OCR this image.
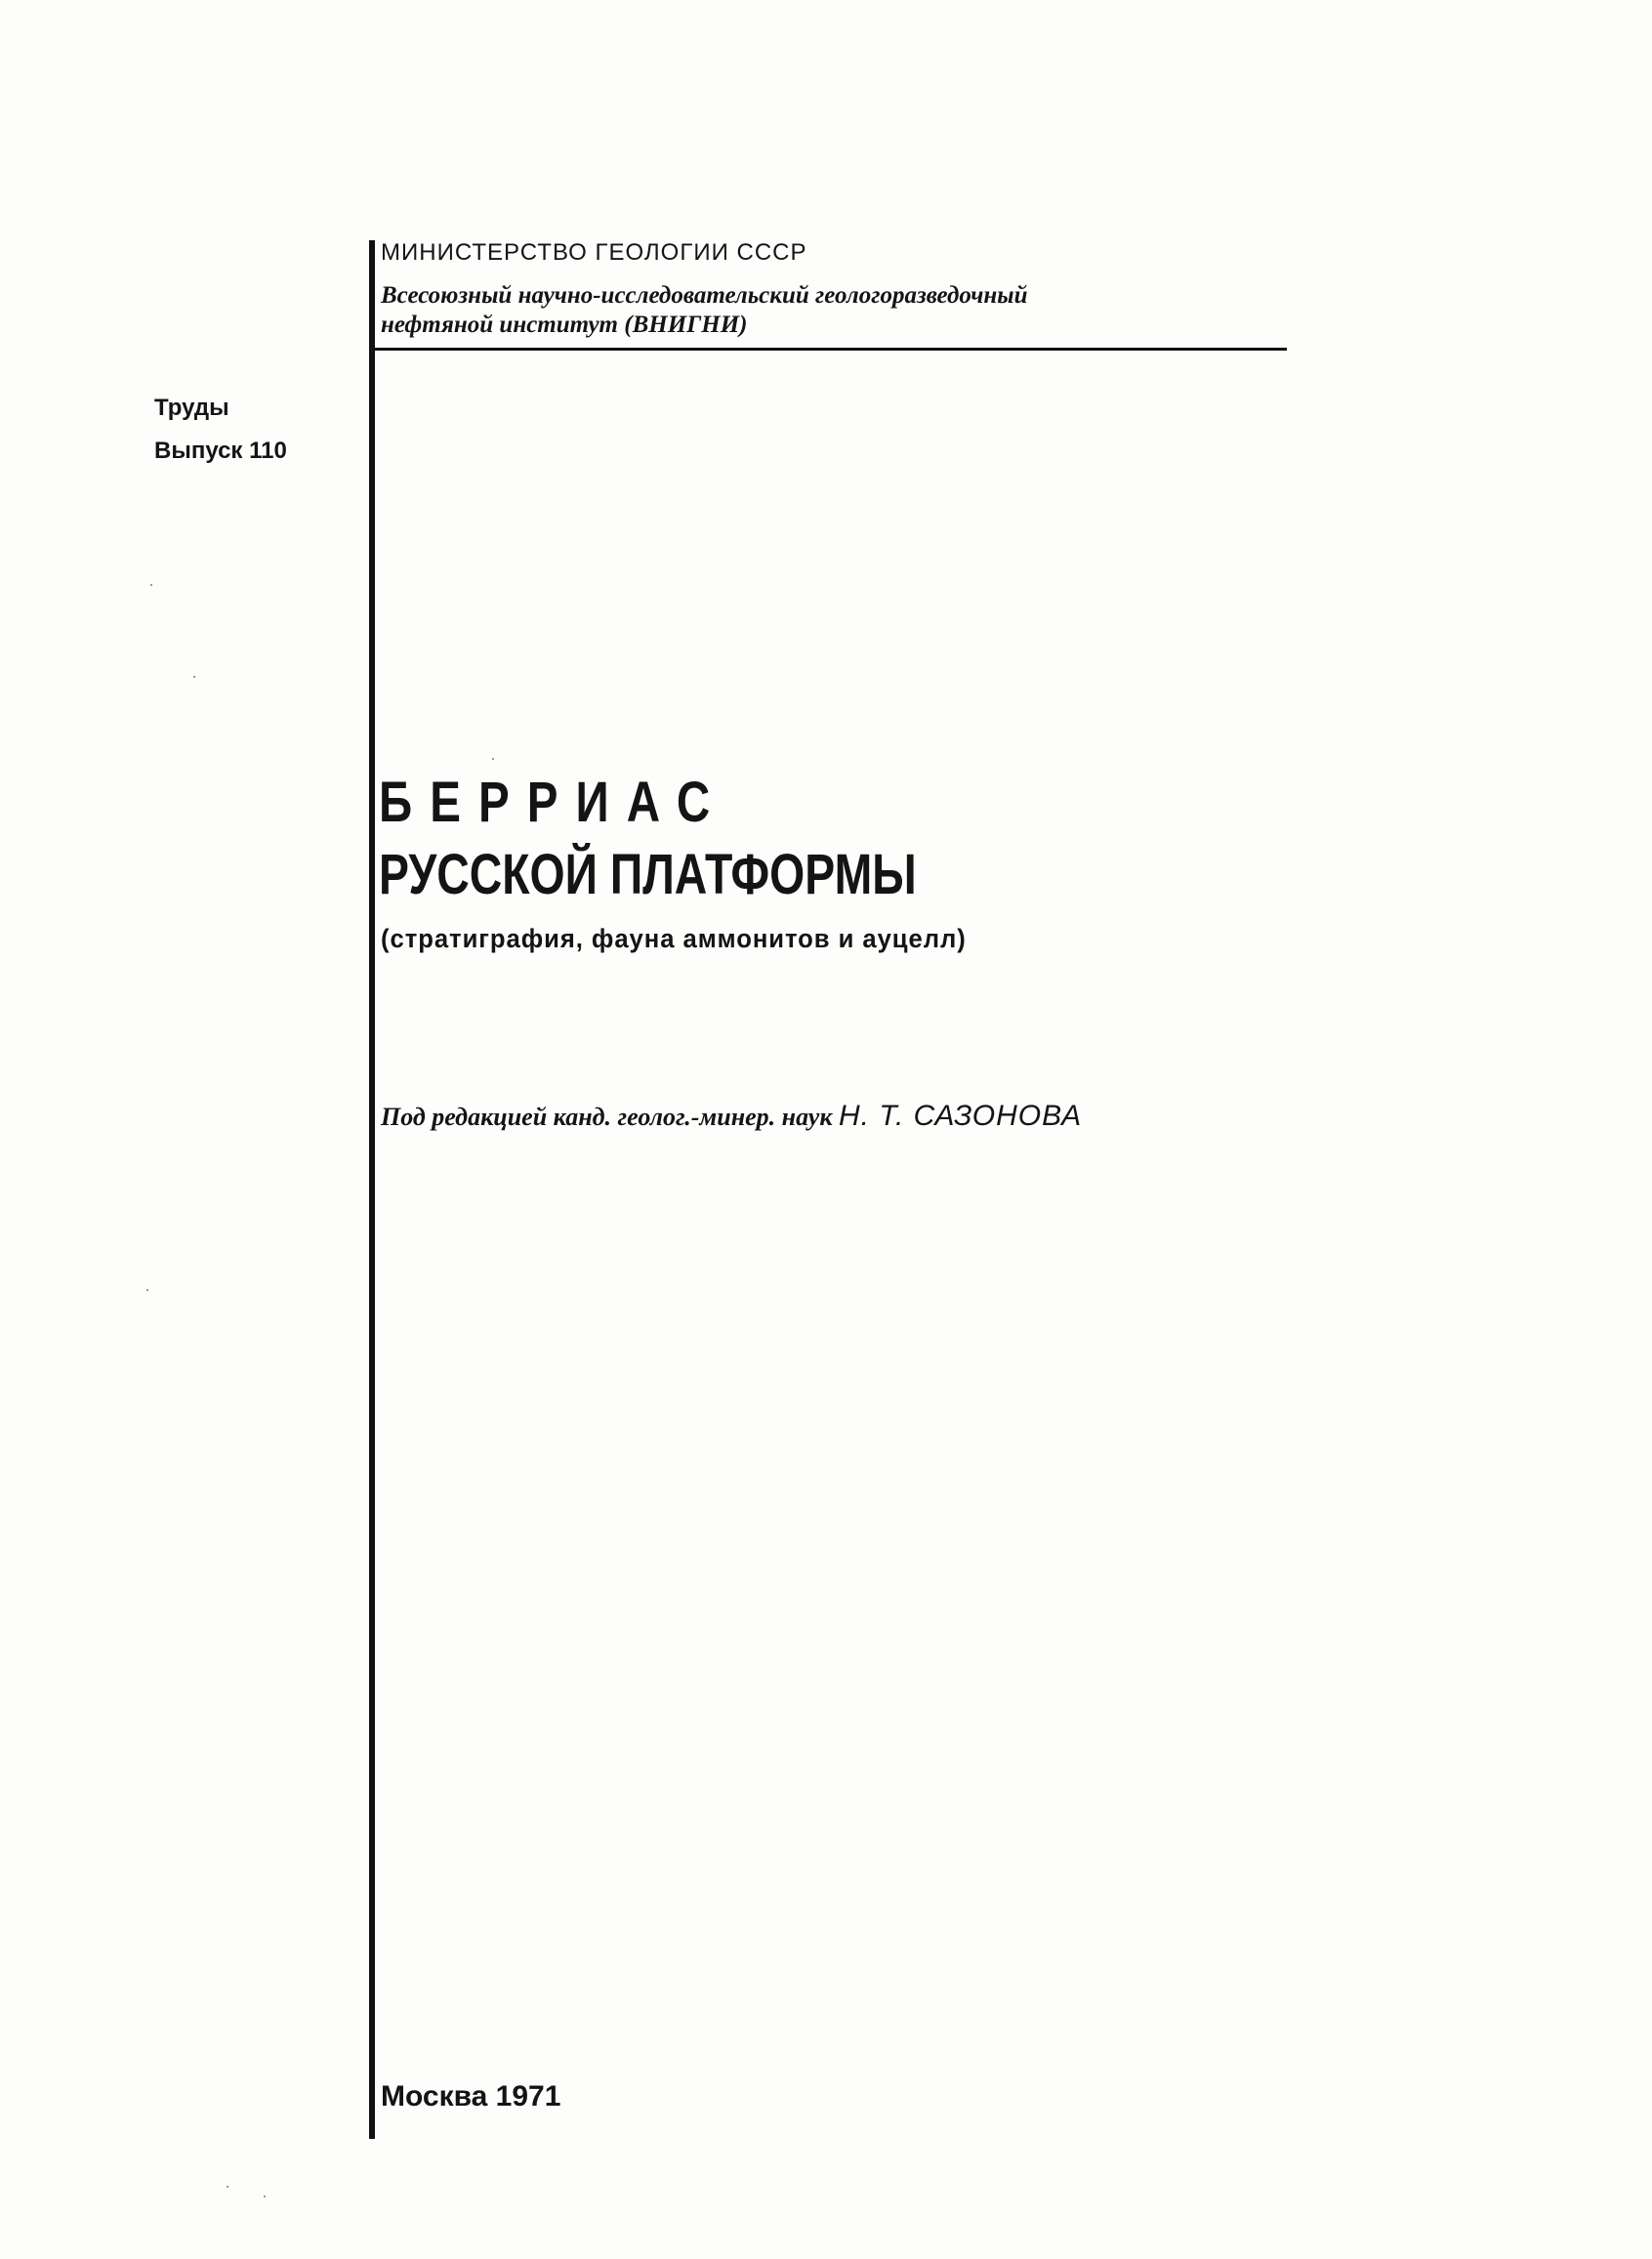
МИНИСТЕРСТВО ГЕОЛОГИИ СССР
Всесоюзный научно-исследовательский геологоразведочный
нефтяной институт (ВНИГНИ)
Труды
Выпуск 110
БЕРРИАС
РУССКОЙ ПЛАТФОРМЫ
(стратиграфия, фауна аммонитов и ауцелл)
Под редакцией канд. геолог.-минер. наук Н. Т. САЗОНОВА
Москва 1971
